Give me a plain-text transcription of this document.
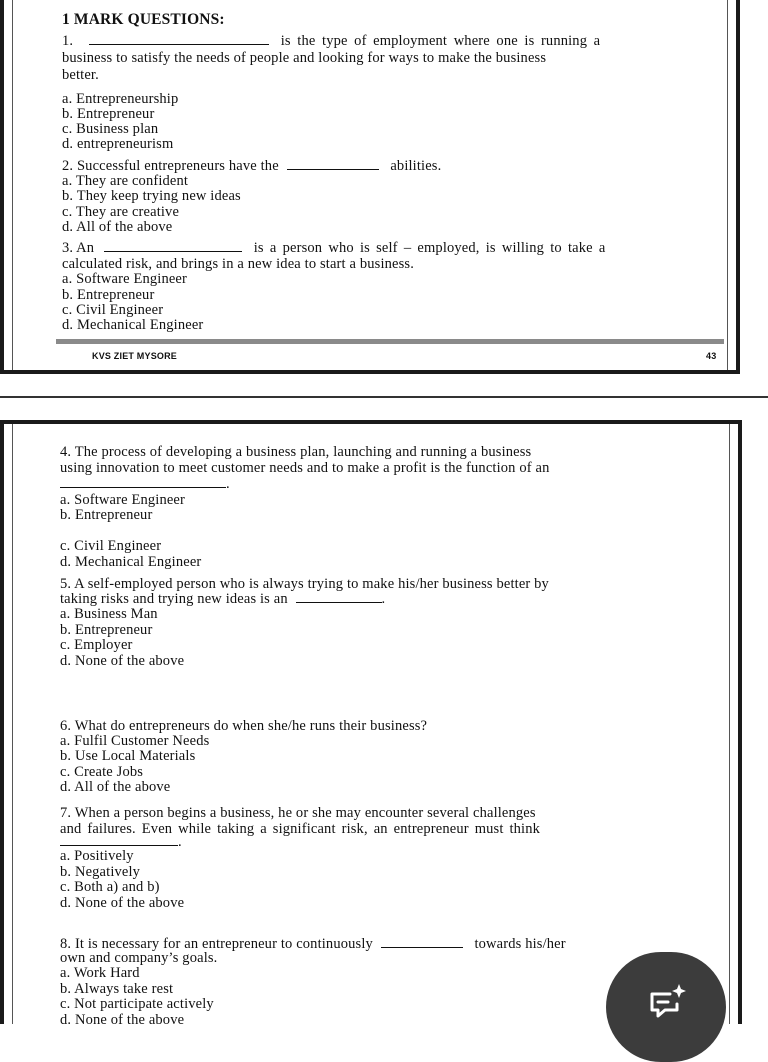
1 MARK QUESTIONS:
1.	is the type of employment where one is running a
business to satisfy the needs of people and looking for ways to make the business
better.
a. Entrepreneurship
b. Entrepreneur
c. Business plan
d. entrepreneurism
2. Successful entrepreneurs have the	abilities.
a. They are confident
b. They keep trying new ideas
c. They are creative
d. All of the above
3. An	is a person who is self – employed, is willing to take a
calculated risk, and brings in a new idea to start a business.
a. Software Engineer
b. Entrepreneur
c. Civil Engineer
d. Mechanical Engineer
KVS ZIET MYSORE	43
4. The process of developing a business plan, launching and running a business
using innovation to meet customer needs and to make a profit is the function of an
.
a. Software Engineer
b. Entrepreneur
c. Civil Engineer
d. Mechanical Engineer
5. A self-employed person who is always trying to make his/her business better by
taking risks and trying new ideas is an	.
a. Business Man
b. Entrepreneur
c. Employer
d. None of the above
6. What do entrepreneurs do when she/he runs their business?
a. Fulfil Customer Needs
b. Use Local Materials
c. Create Jobs
d. All of the above
7. When a person begins a business, he or she may encounter several challenges
and failures. Even while taking a significant risk, an entrepreneur must think
.
a. Positively
b. Negatively
c. Both a) and b)
d. None of the above
8. It is necessary for an entrepreneur to continuously	towards his/her
own and company’s goals.
a. Work Hard
b. Always take rest
c. Not participate actively
d. None of the above
